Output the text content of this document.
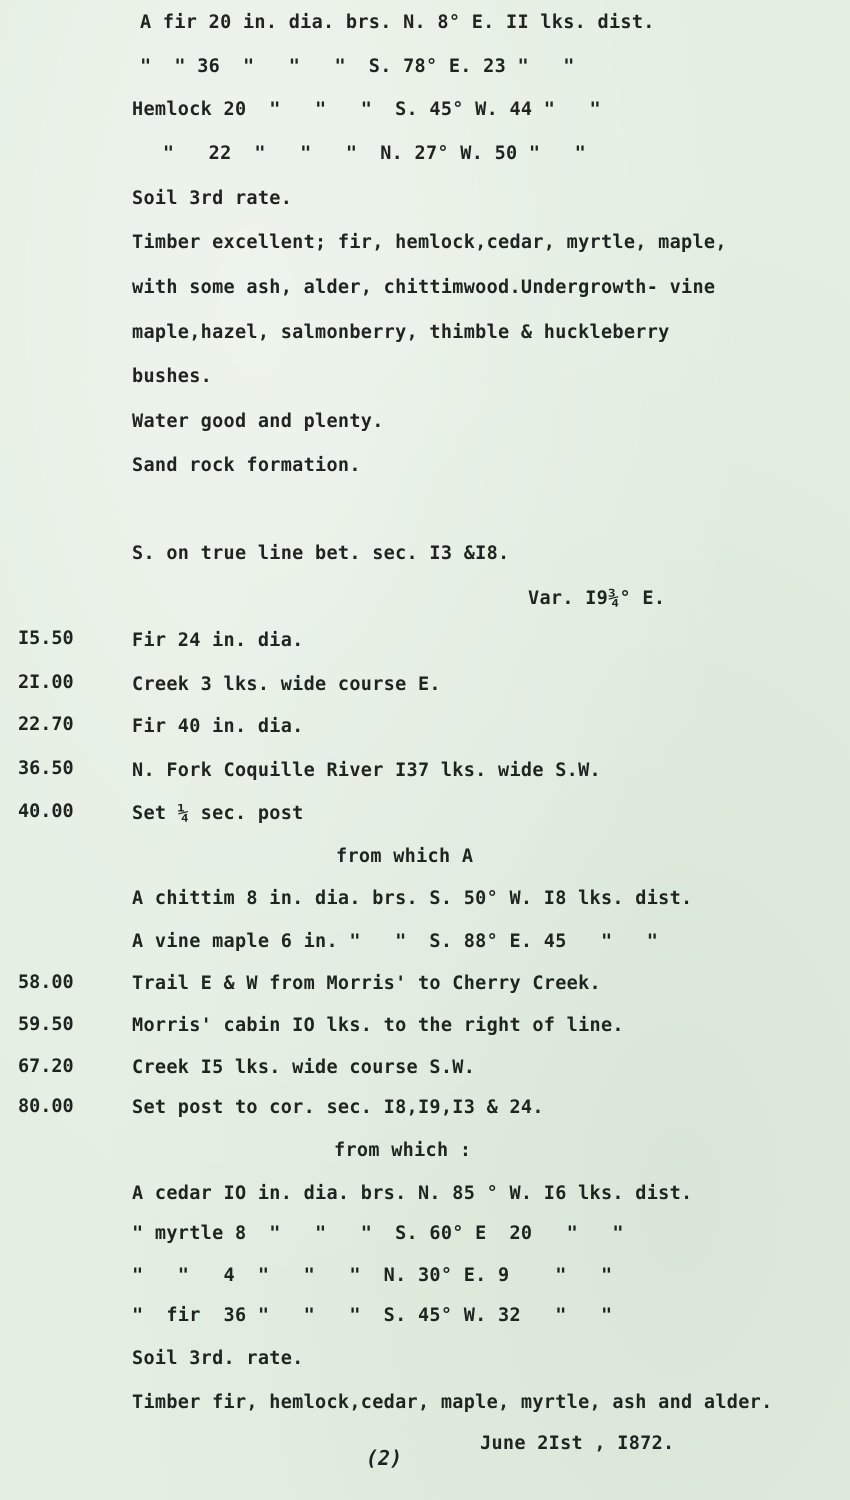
A fir 20 in. dia. brs. N. 8° E. II lks. dist.
"  " 36  "   "   "  S. 78° E. 23 "   "
Hemlock 20  "   "   "  S. 45° W. 44 "   "
"   22  "   "   "  N. 27° W. 50 "   "
Soil 3rd rate.
Timber excellent; fir, hemlock,cedar, myrtle, maple,
with some ash, alder, chittimwood.Undergrowth- vine
maple,hazel, salmonberry, thimble & huckleberry
bushes.
Water good and plenty.
Sand rock formation.
S. on true line bet. sec. I3 &I8.
Var. I9¾° E.
I5.50	Fir 24 in. dia.
2I.00	Creek 3 lks. wide course E.
22.70	Fir 40 in. dia.
36.50	N. Fork Coquille River I37 lks. wide S.W.
40.00	Set ¼ sec. post
from which A
A chittim 8 in. dia. brs. S. 50° W. I8 lks. dist.
A vine maple 6 in. "   "  S. 88° E. 45   "   "
58.00	Trail E & W from Morris' to Cherry Creek.
59.50	Morris' cabin IO lks. to the right of line.
67.20	Creek I5 lks. wide course S.W.
80.00	Set post to cor. sec. I8,I9,I3 & 24.
from which :
A cedar IO in. dia. brs. N. 85 ° W. I6 lks. dist.
" myrtle 8  "   "   "  S. 60° E  20   "   "
"   "   4  "   "   "  N. 30° E. 9    "   "
"  fir  36 "   "   "  S. 45° W. 32   "   "
Soil 3rd. rate.
Timber fir, hemlock,cedar, maple, myrtle, ash and alder.
June 2Ist , I872.
(2)
